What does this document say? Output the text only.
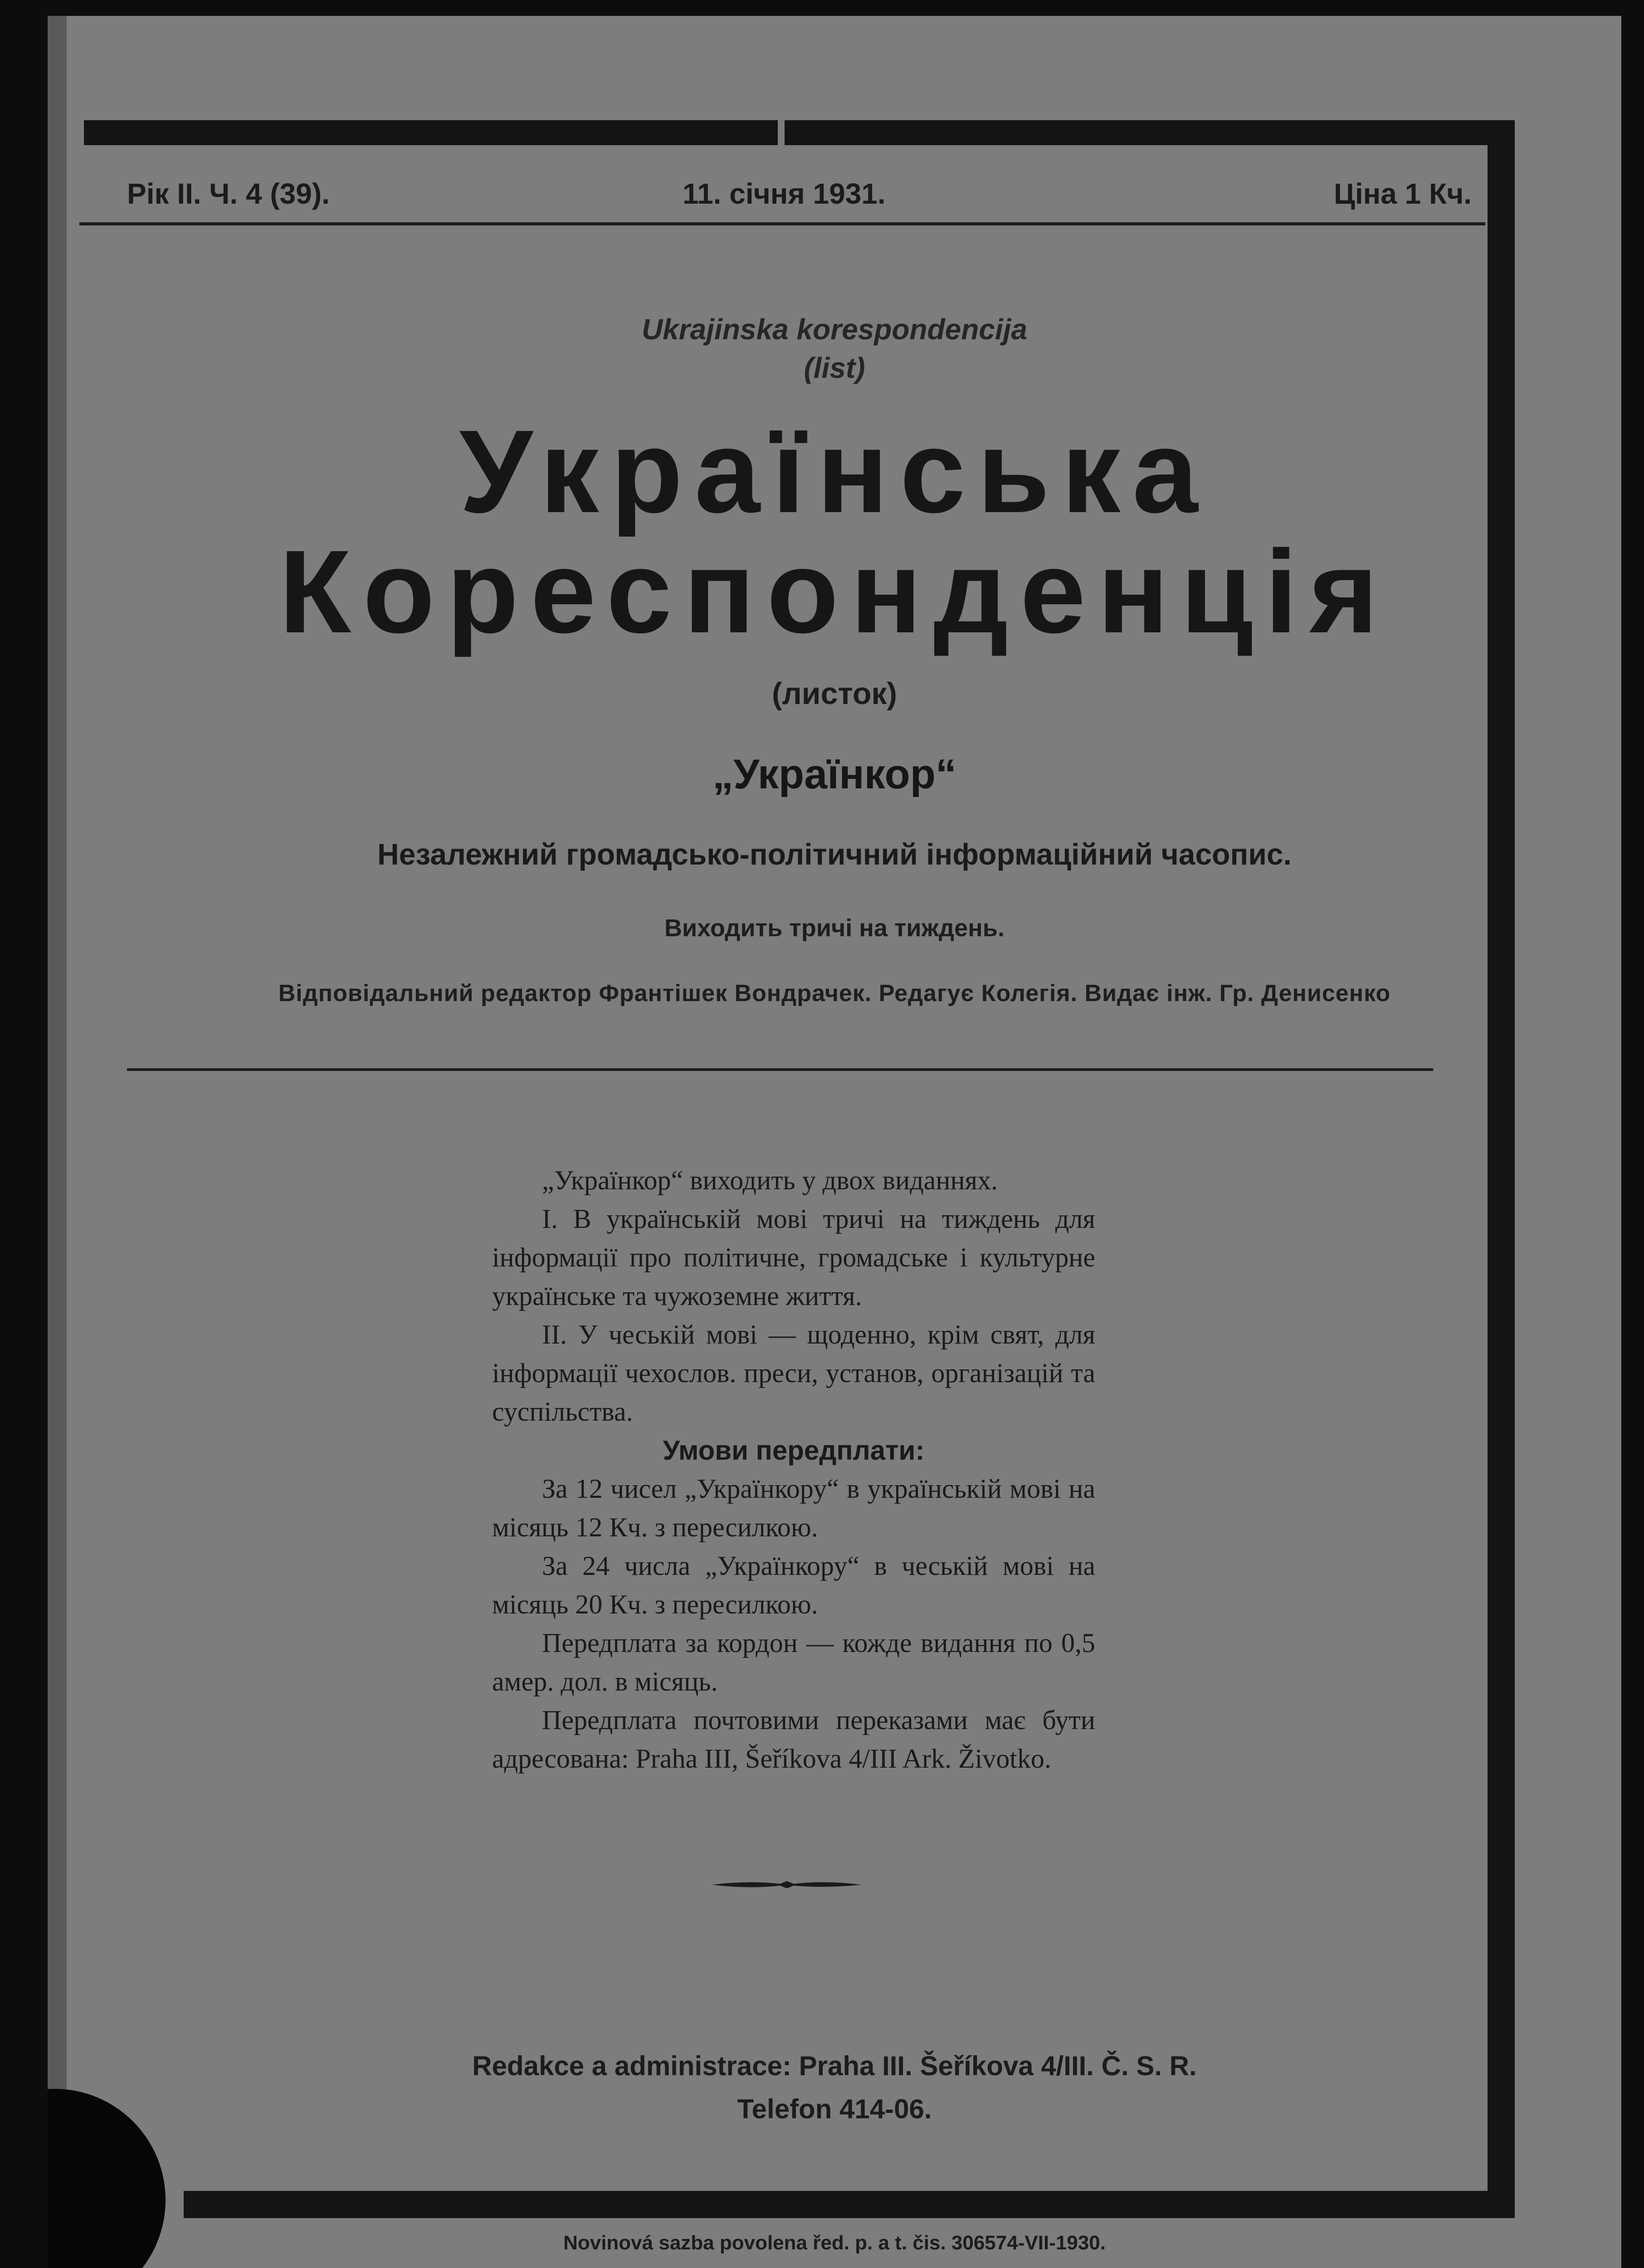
Рік II. Ч. 4 (39).	11. січня 1931.	Ціна 1 Кч.
Ukrajinska korespondencija
(list)
Українська
Кореспонденція
(листок)
„Українкор“
Незалежний громадсько-політичний інформаційний часопис.
Виходить тричі на тиждень.
Відповідальний редактор Франтішек Вондрачек. Редагує Колегія. Видає інж. Гр. Денисенко

„Українкор“ виходить у двох виданнях.

I. В українській мові тричі на тиждень для інформації про політичне, громадське і культурне українське та чужоземне життя.

II. У чеській мові — щоденно, крім свят, для інформації чехослов. преси, установ, організацій та суспільства.

Умови передплати:

За 12 чисел „Українкору“ в українській мові на місяць 12 Кч. з пересилкою.

За 24 числа „Українкору“ в чеській мові на місяць 20 Кч. з пересилкою.

Передплата за кордон — кожде видання по 0,5 амер. дол. в місяць.

Передплата почтовими переказами має бути адресована: Praha III, Šeříkova 4/III Ark. Životko.

Redakce a administrace: Praha III. Šeříkova 4/III. Č. S. R.
Telefon 414-06.
Novinová sazba povolena řed. p. a t. čis. 306574-VII-1930.
